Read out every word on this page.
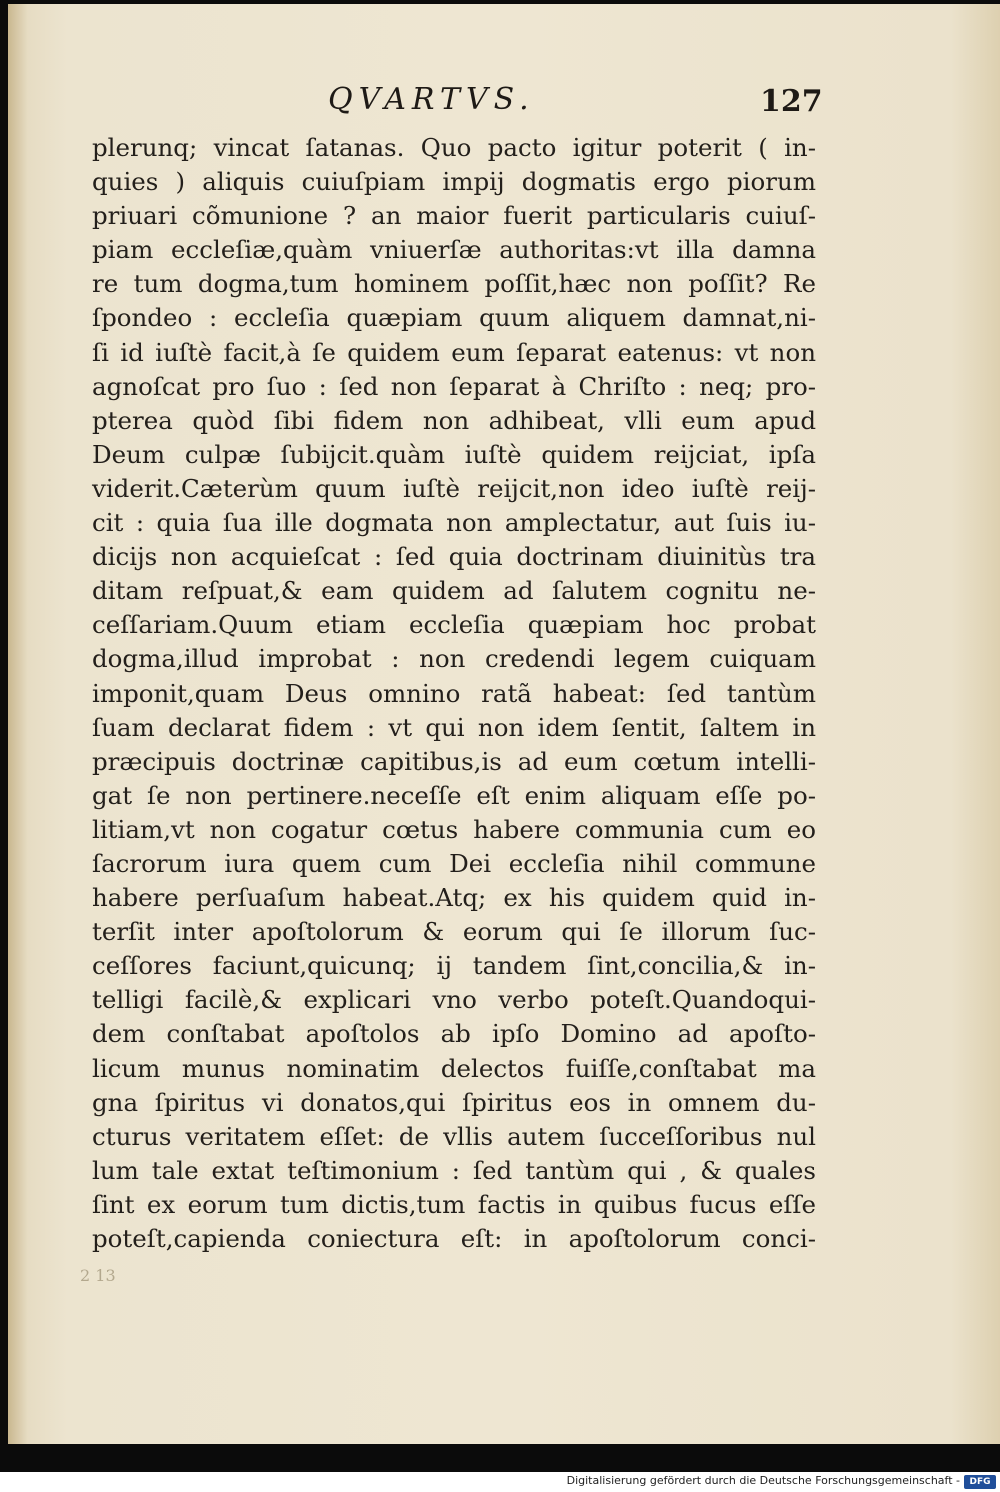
QVARTVS.	127
plerunq; vincat ſatanas. Quo pacto igitur poterit ( in-
quies ) aliquis cuiuſpiam impij dogmatis ergo piorum
priuari cõmunione ? an maior fuerit particularis cuiuſ-
piam eccleſiæ,quàm vniuerſæ authoritas:vt illa damna
re tum dogma,tum hominem poſſit,hæc non poſſit? Re
ſpondeo : eccleſia quæpiam quum aliquem damnat,ni-
ſi id iuſtè facit,à ſe quidem eum ſeparat eatenus: vt non
agnoſcat pro ſuo : ſed non ſeparat à Chriſto : neq; pro-
pterea quòd ſibi fidem non adhibeat, vlli eum apud
Deum culpæ ſubijcit.quàm iuſtè quidem reijciat, ipſa
viderit.Cæterùm quum iuſtè reijcit,non ideo iuſtè reij-
cit : quia ſua ille dogmata non amplectatur, aut ſuis iu-
dicijs non acquieſcat : ſed quia doctrinam diuinitùs tra
ditam reſpuat,& eam quidem ad ſalutem cognitu ne-
ceſſariam.Quum etiam eccleſia quæpiam hoc probat
dogma,illud improbat : non credendi legem cuiquam
imponit,quam Deus omnino ratã habeat: ſed tantùm
ſuam declarat fidem : vt qui non idem ſentit, ſaltem in
præcipuis doctrinæ capitibus,is ad eum cœtum intelli-
gat ſe non pertinere.neceſſe eſt enim aliquam eſſe po-
litiam,vt non cogatur cœtus habere communia cum eo
ſacrorum iura quem cum Dei eccleſia nihil commune
habere perſuaſum habeat.Atq; ex his quidem quid in-
terſit inter apoſtolorum & eorum qui ſe illorum ſuc-
ceſſores faciunt,quicunq; ij tandem ſint,concilia,& in-
telligi facilè,& explicari vno verbo poteſt.Quandoqui-
dem conſtabat apoſtolos ab ipſo Domino ad apoſto-
licum munus nominatim delectos fuiſſe,conſtabat ma
gna ſpiritus vi donatos,qui ſpiritus eos in omnem du-
cturus veritatem eſſet: de vllis autem ſucceſſoribus nul
lum tale extat teſtimonium : ſed tantùm qui , & quales
ſint ex eorum tum dictis,tum factis in quibus fucus eſſe
poteſt,capienda coniectura eſt: in apoſtolorum conci-
2 13
Digitalisierung gefördert durch die Deutsche Forschungsgemeinschaft -	DFG
